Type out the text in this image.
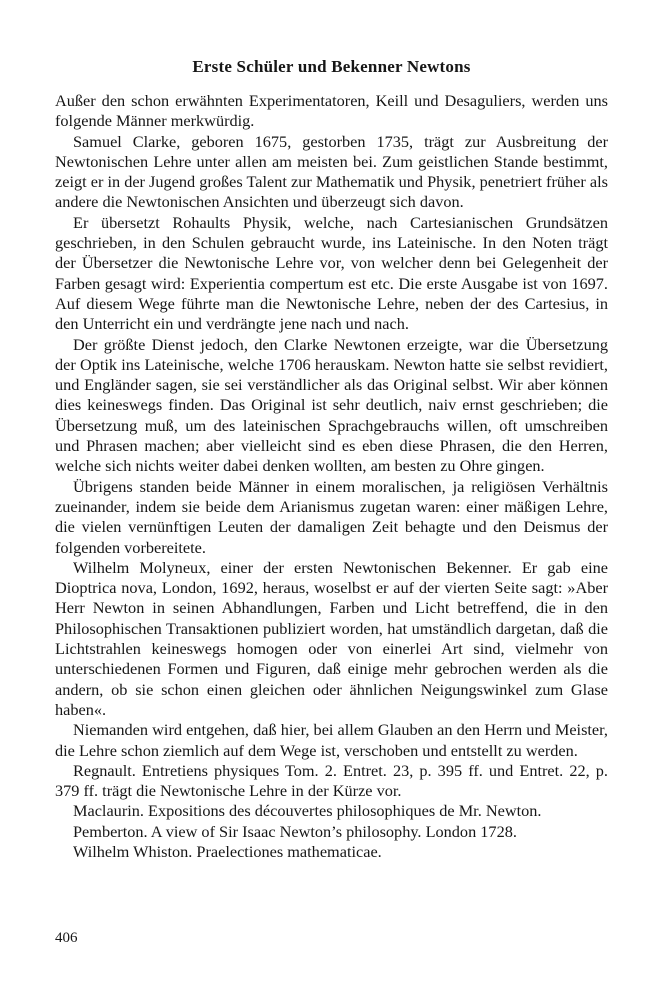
Erste Schüler und Bekenner Newtons

Außer den schon erwähnten Experimentatoren, Keill und Desaguliers, werden uns folgende Männer merkwürdig.

Samuel Clarke, geboren 1675, gestorben 1735, trägt zur Ausbreitung der Newtonischen Lehre unter allen am meisten bei. Zum geistlichen Stande bestimmt, zeigt er in der Jugend großes Talent zur Mathematik und Physik, penetriert früher als andere die Newtonischen Ansichten und überzeugt sich davon.

Er übersetzt Rohaults Physik, welche, nach Cartesianischen Grundsätzen geschrieben, in den Schulen gebraucht wurde, ins Lateinische. In den Noten trägt der Übersetzer die Newtonische Lehre vor, von welcher denn bei Gelegenheit der Farben gesagt wird: Experientia compertum est etc. Die erste Ausgabe ist von 1697. Auf diesem Wege führte man die Newtonische Lehre, neben der des Cartesius, in den Unterricht ein und verdrängte jene nach und nach.

Der größte Dienst jedoch, den Clarke Newtonen erzeigte, war die Übersetzung der Optik ins Lateinische, welche 1706 herauskam. Newton hatte sie selbst revidiert, und Engländer sagen, sie sei verständlicher als das Original selbst. Wir aber können dies keineswegs finden. Das Original ist sehr deutlich, naiv ernst geschrieben; die Übersetzung muß, um des lateinischen Sprachgebrauchs willen, oft umschreiben und Phrasen machen; aber vielleicht sind es eben diese Phrasen, die den Herren, welche sich nichts weiter dabei denken wollten, am besten zu Ohre gingen.

Übrigens standen beide Männer in einem moralischen, ja religiösen Verhältnis zueinander, indem sie beide dem Arianismus zugetan waren: einer mäßigen Lehre, die vielen vernünftigen Leuten der damaligen Zeit behagte und den Deismus der folgenden vorbereitete.

Wilhelm Molyneux, einer der ersten Newtonischen Bekenner. Er gab eine Dioptrica nova, London, 1692, heraus, woselbst er auf der vierten Seite sagt: »Aber Herr Newton in seinen Abhandlungen, Farben und Licht betreffend, die in den Philosophischen Transaktionen publiziert worden, hat umständlich dargetan, daß die Lichtstrahlen keineswegs homogen oder von einerlei Art sind, vielmehr von unterschiedenen Formen und Figuren, daß einige mehr gebrochen werden als die andern, ob sie schon einen gleichen oder ähnlichen Neigungswinkel zum Glase haben«.

Niemanden wird entgehen, daß hier, bei allem Glauben an den Herrn und Meister, die Lehre schon ziemlich auf dem Wege ist, verschoben und entstellt zu werden.

Regnault. Entretiens physiques Tom. 2. Entret. 23, p. 395 ff. und Entret. 22, p. 379 ff. trägt die Newtonische Lehre in der Kürze vor.

Maclaurin. Expositions des découvertes philosophiques de Mr. Newton.

Pemberton. A view of Sir Isaac Newton’s philosophy. London 1728.

Wilhelm Whiston. Praelectiones mathematicae.

406
